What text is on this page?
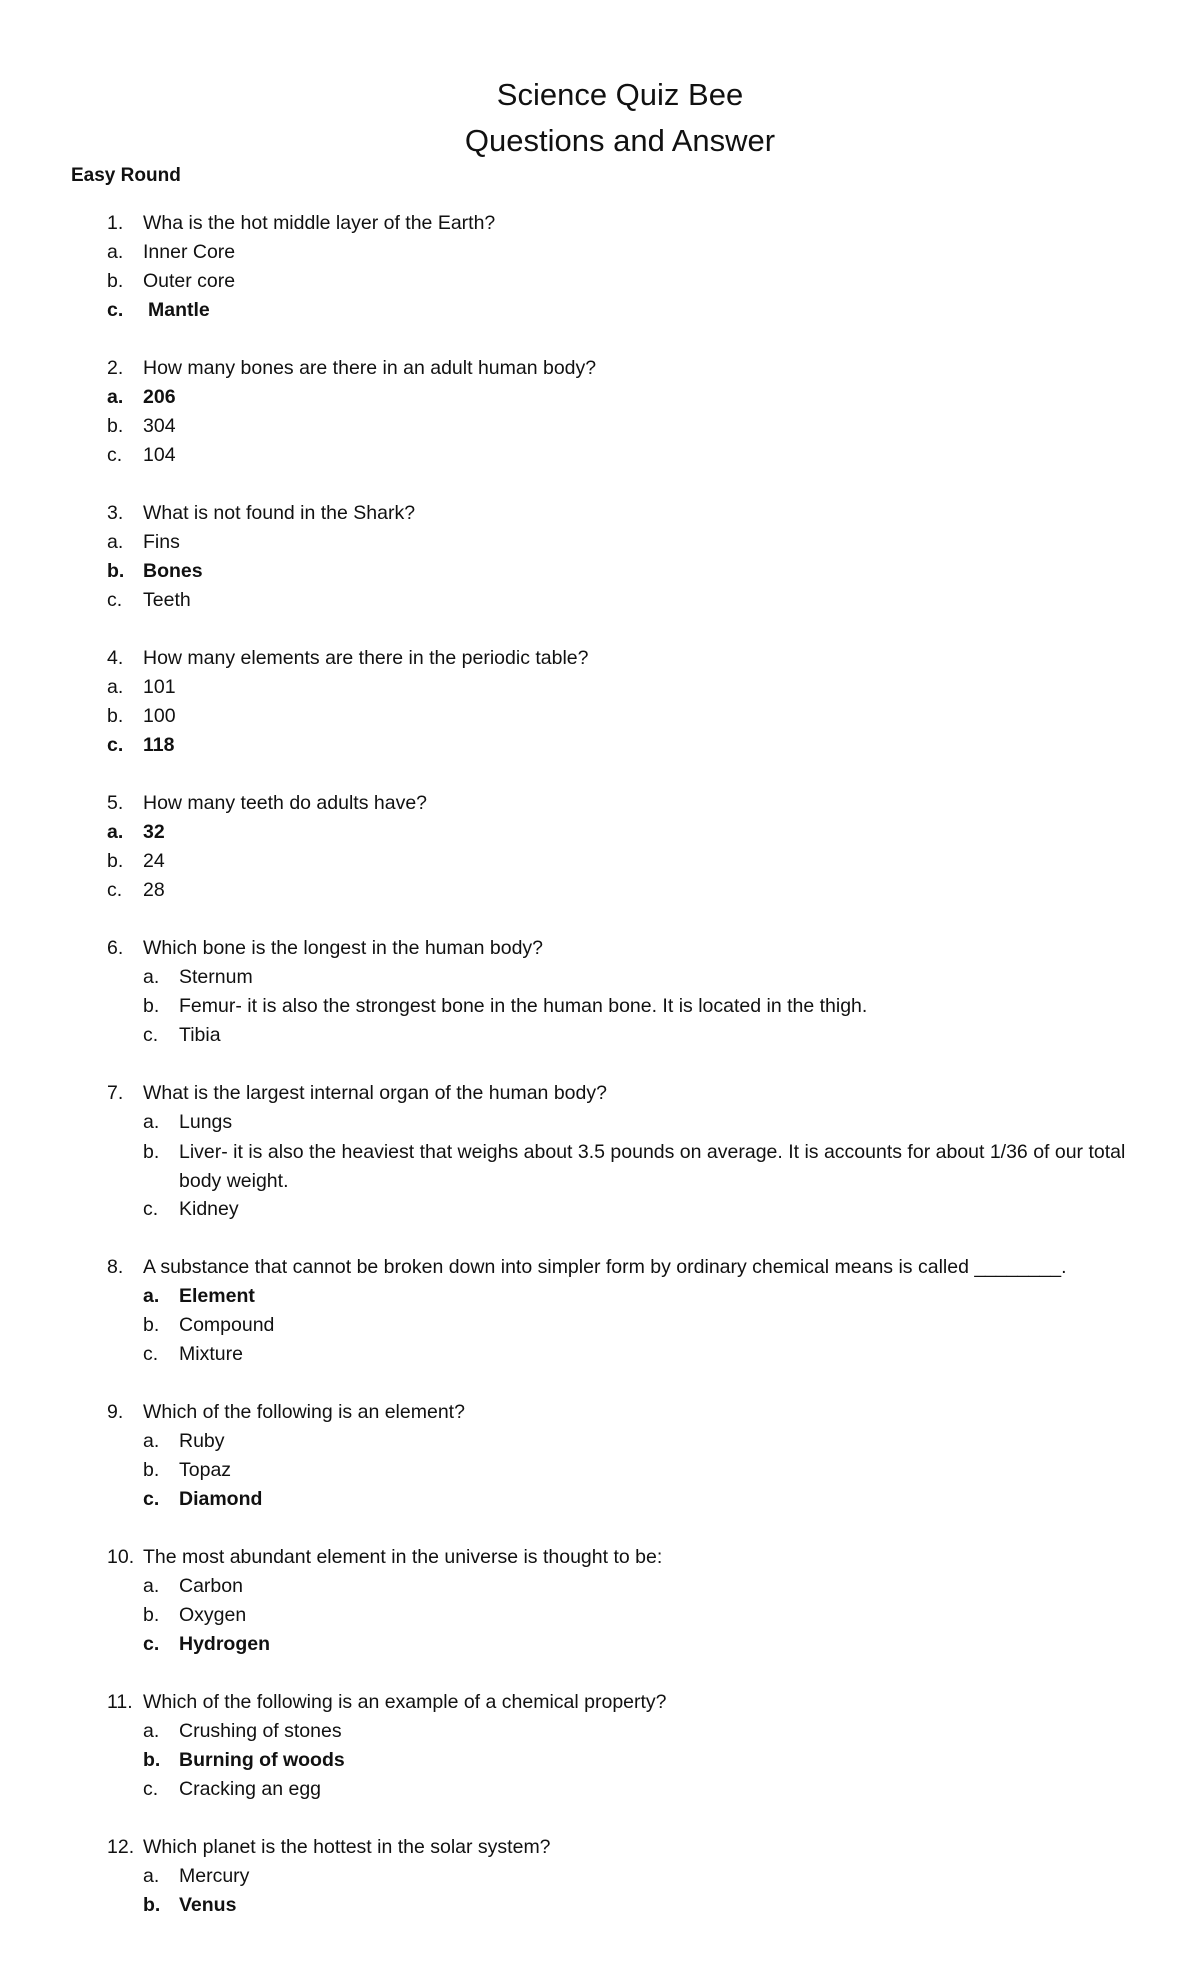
Science Quiz Bee
Questions and Answer

Easy Round

1. Wha is the hot middle layer of the Earth?
a. Inner Core
b. Outer core
c. Mantle
2. How many bones are there in an adult human body?
a. 206
b. 304
c. 104
3. What is not found in the Shark?
a. Fins
b. Bones
c. Teeth
4. How many elements are there in the periodic table?
a. 101
b. 100
c. 118
5. How many teeth do adults have?
a. 32
b. 24
c. 28
6. Which bone is the longest in the human body?
a. Sternum
b. Femur- it is also the strongest bone in the human bone. It is located in the thigh.
c. Tibia
7. What is the largest internal organ of the human body?
a. Lungs
b. Liver- it is also the heaviest that weighs about 3.5 pounds on average. It is accounts for about 1/36 of our total body weight.
c. Kidney
8. A substance that cannot be broken down into simpler form by ordinary chemical means is called ________.
a. Element
b. Compound
c. Mixture
9. Which of the following is an element?
a. Ruby
b. Topaz
c. Diamond
10. The most abundant element in the universe is thought to be:
a. Carbon
b. Oxygen
c. Hydrogen
11. Which of the following is an example of a chemical property?
a. Crushing of stones
b. Burning of woods
c. Cracking an egg
12. Which planet is the hottest in the solar system?
a. Mercury
b. Venus
